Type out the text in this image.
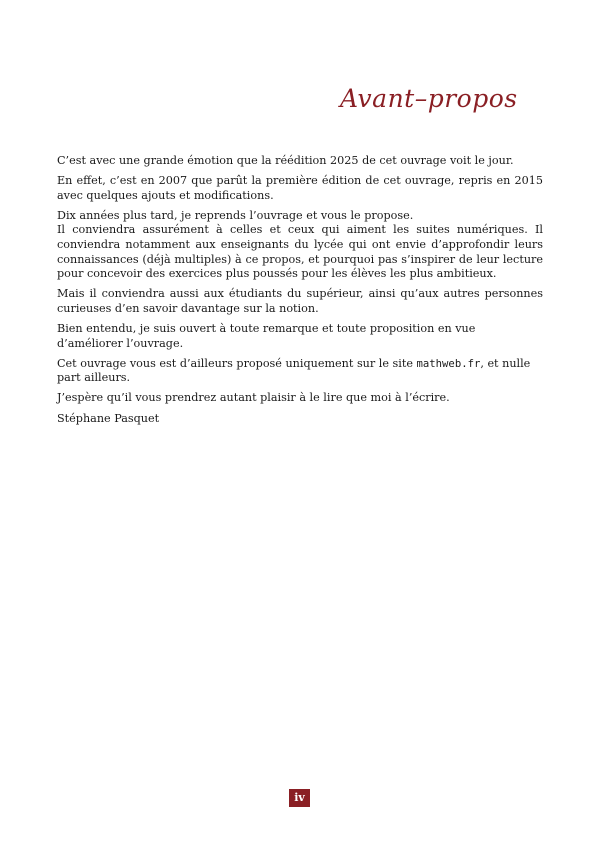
Avant–propos

C’est avec une grande émotion que la réédition 2025 de cet ouvrage voit le jour.

En effet, c’est en 2007 que parût la première édition de cet ouvrage, repris en 2015 avec quelques ajouts et modifications.

Dix années plus tard, je reprends l’ouvrage et vous le propose.
Il conviendra assurément à celles et ceux qui aiment les suites numériques. Il conviendra notamment aux enseignants du lycée qui ont envie d’approfondir leurs connaissances (déjà multiples) à ce propos, et pourquoi pas s’inspirer de leur lecture pour concevoir des exercices plus poussés pour les élèves les plus ambitieux.

Mais il conviendra aussi aux étudiants du supérieur, ainsi qu’aux autres personnes curieuses d’en savoir davantage sur la notion.

Bien entendu, je suis ouvert à toute remarque et toute proposition en vue d’améliorer l’ouvrage.

Cet ouvrage vous est d’ailleurs proposé uniquement sur le site mathweb.fr, et nulle part ailleurs.

J’espère qu’il vous prendrez autant plaisir à le lire que moi à l’écrire.

Stéphane Pasquet

iv
